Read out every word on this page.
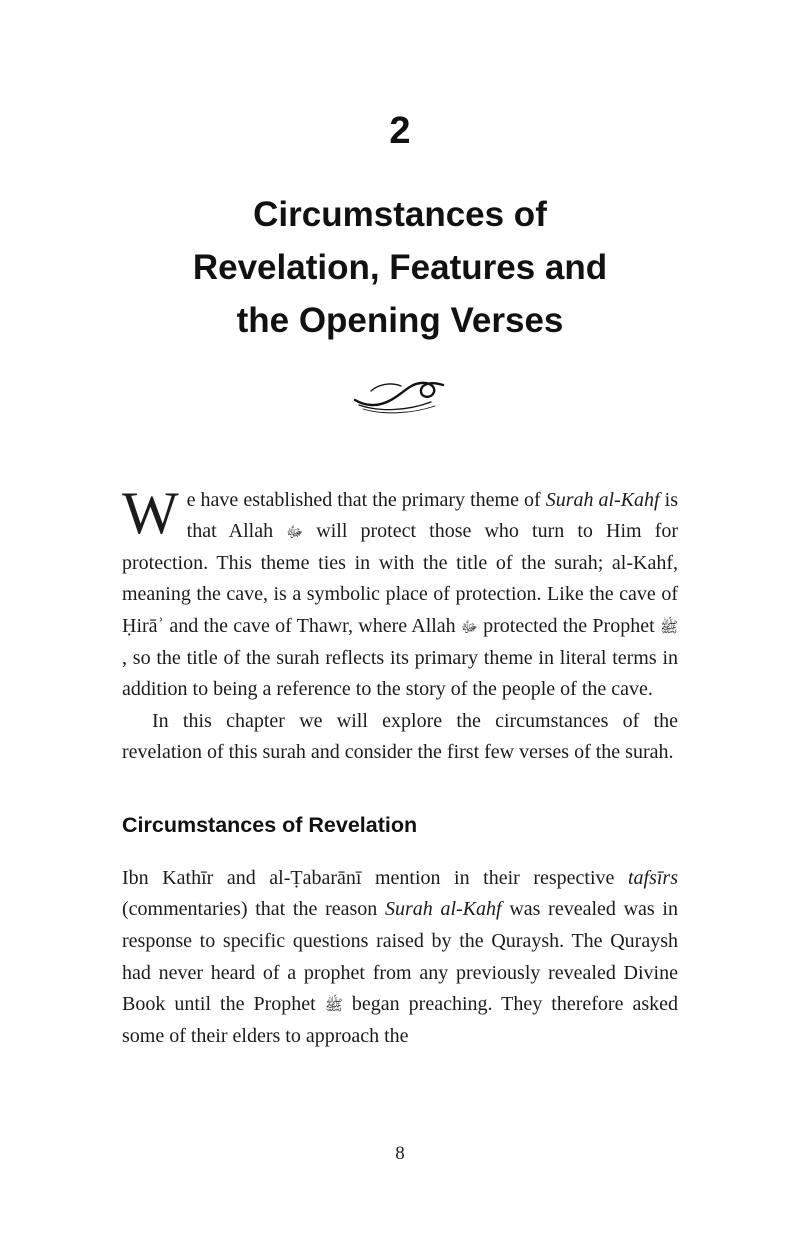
2
Circumstances of
Revelation, Features and
the Opening Verses

W e have established that the primary theme of Surah al-Kahf is that Allah ﷻ will protect those who turn to Him for protection. This theme ties in with the title of the surah; al-Kahf, meaning the cave, is a symbolic place of protection. Like the cave of Ḥirāʾ and the cave of Thawr, where Allah ﷻ protected the Prophet ﷺ , so the title of the surah reflects its primary theme in literal terms in addition to being a reference to the story of the people of the cave.

In this chapter we will explore the circumstances of the revelation of this surah and consider the first few verses of the surah.

Circumstances of Revelation

Ibn Kathīr and al-Ṭabarānī mention in their respective tafsīrs (commentaries) that the reason Surah al-Kahf was revealed was in response to specific questions raised by the Quraysh. The Quraysh had never heard of a prophet from any previously revealed Divine Book until the Prophet ﷺ began preaching. They therefore asked some of their elders to approach the

8
